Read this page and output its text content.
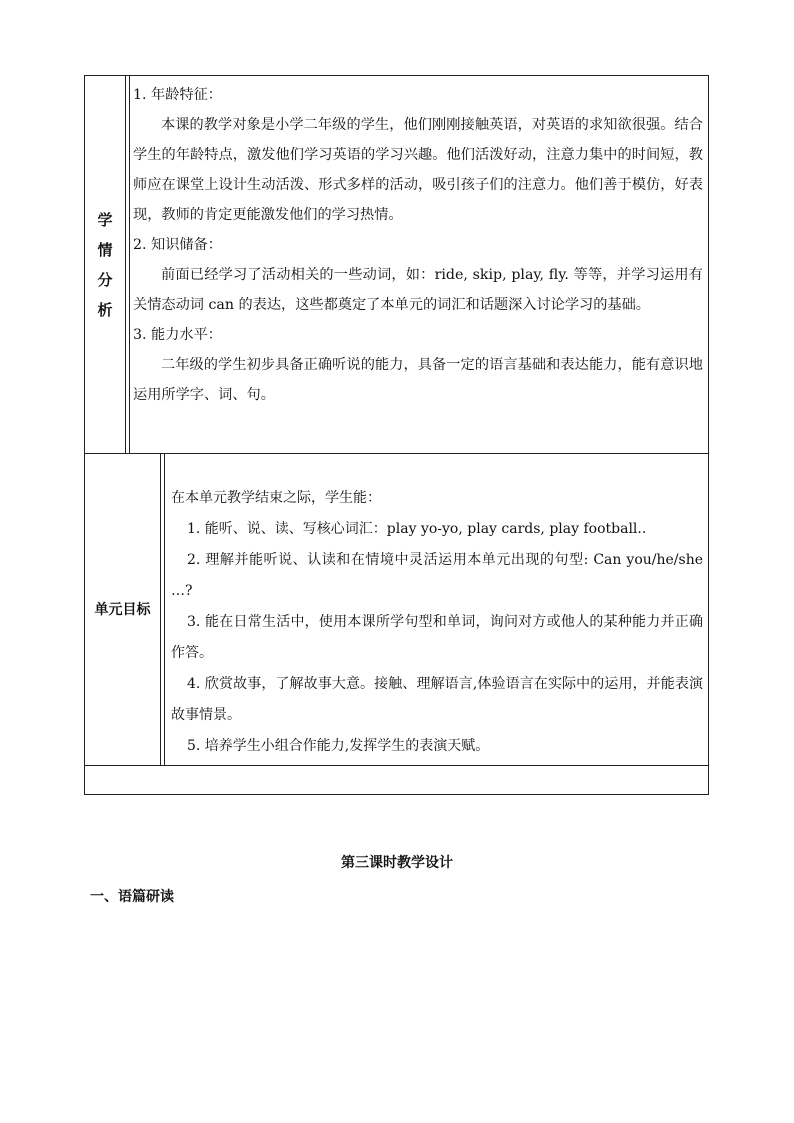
学
情
分
析

1. 年龄特征：

本课的教学对象是小学二年级的学生，他们刚刚接触英语，对英语的求知欲很强。结合学生的年龄特点，激发他们学习英语的学习兴趣。他们活泼好动，注意力集中的时间短，教师应在课堂上设计生动活泼、形式多样的活动，吸引孩子们的注意力。他们善于模仿，好表现，教师的肯定更能激发他们的学习热情。

2. 知识储备：

前面已经学习了活动相关的一些动词，如：ride, skip, play, fly. 等等，并学习运用有关情态动词 can 的表达，这些都奠定了本单元的词汇和话题深入讨论学习的基础。

3. 能力水平：

二年级的学生初步具备正确听说的能力，具备一定的语言基础和表达能力，能有意识地运用所学字、词、句。

单元目标

在本单元教学结束之际，学生能：

1. 能听、说、读、写核心词汇：play yo-yo, play cards, play football..

2. 理解并能听说、认读和在情境中灵活运用本单元出现的句型: Can you/he/she …?

3. 能在日常生活中，使用本课所学句型和单词，询问对方或他人的某种能力并正确作答。

4. 欣赏故事，了解故事大意。接触、理解语言,体验语言在实际中的运用，并能表演故事情景。

5. 培养学生小组合作能力,发挥学生的表演天赋。

第三课时教学设计
一、语篇研读
